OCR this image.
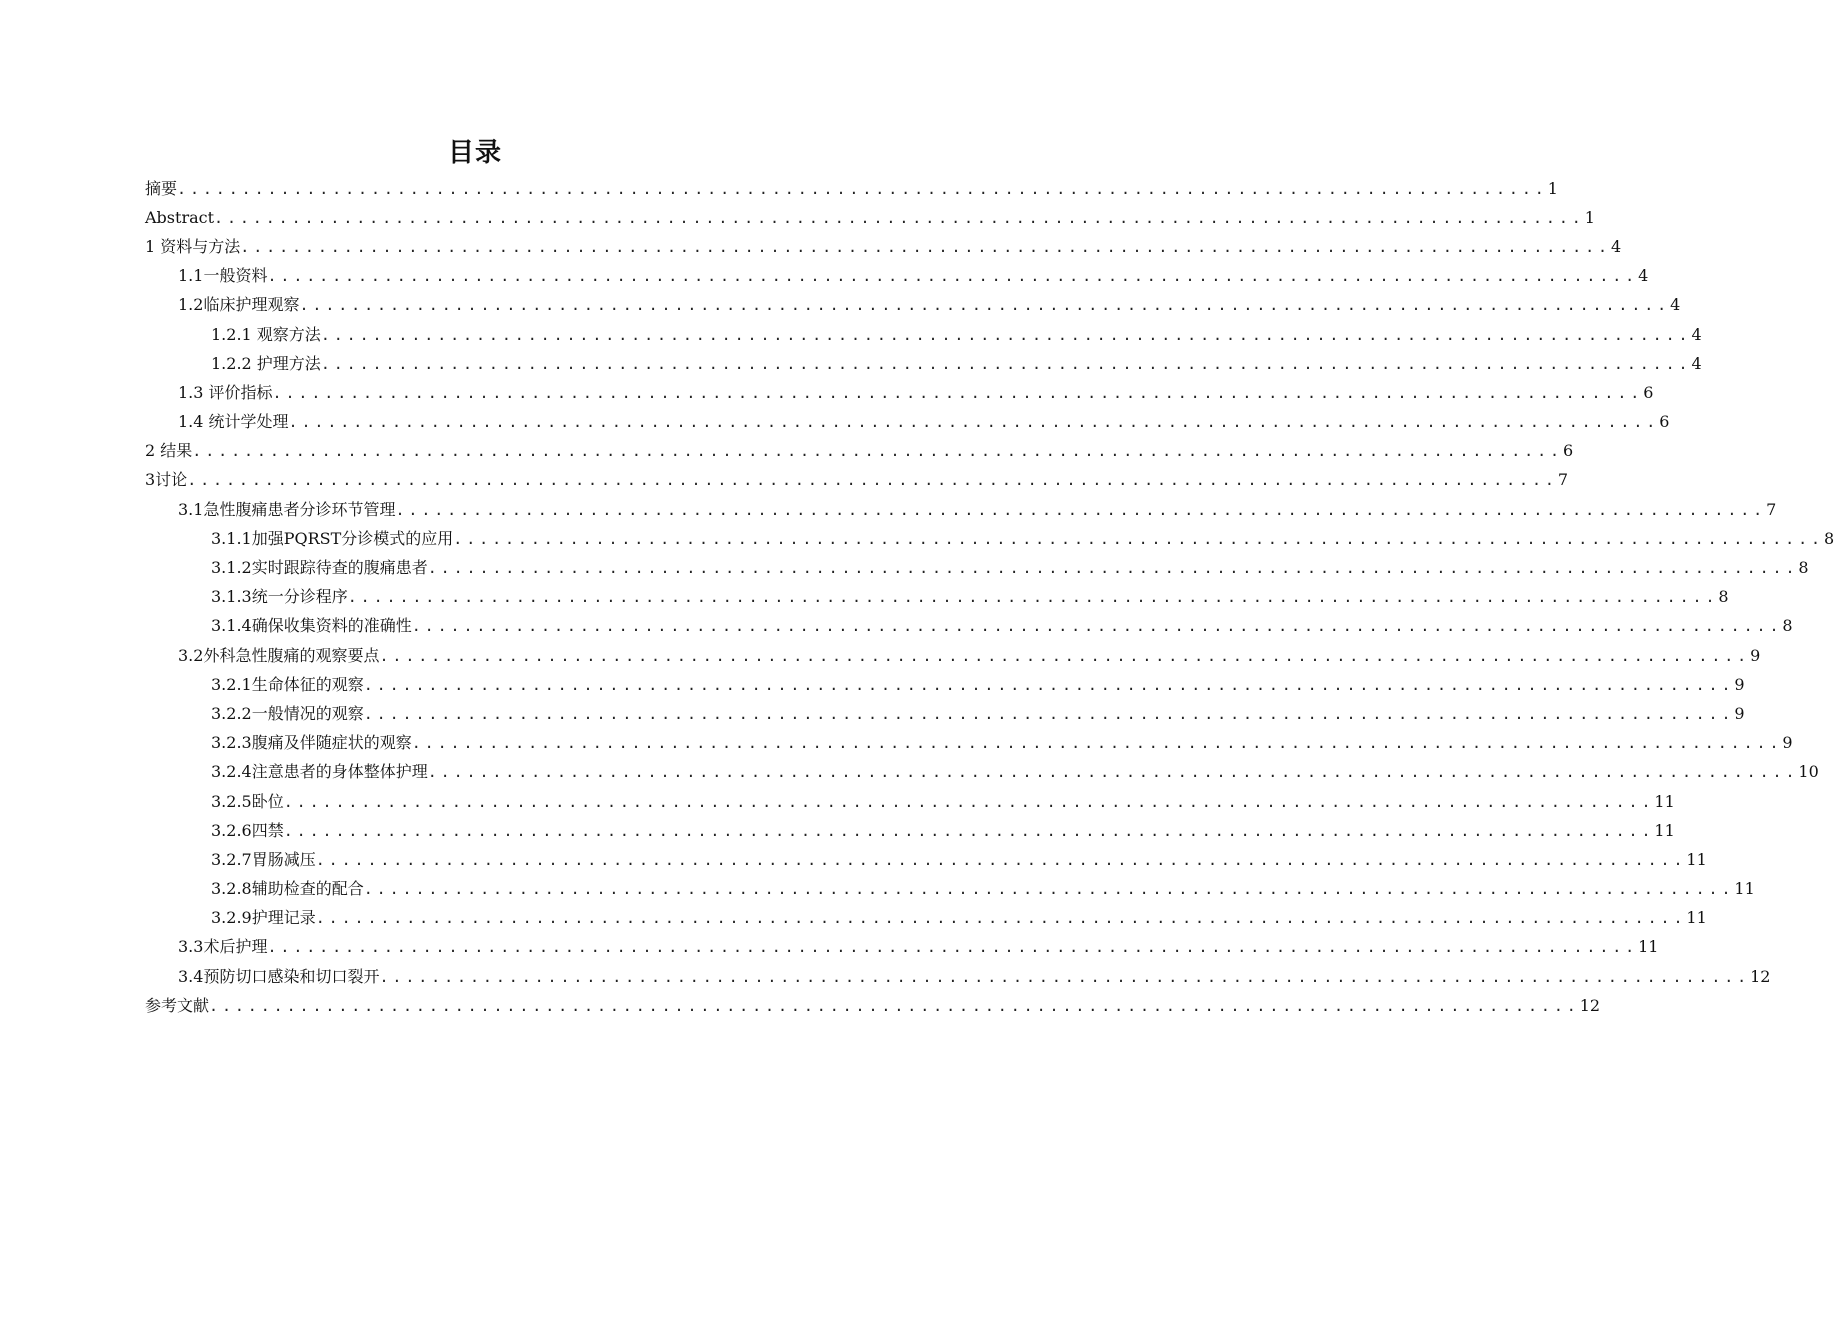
目录
摘要 .......................................................................................................... 1
Abstract .......................................................................................................... 1
1 资料与方法 .......................................................................................................... 4
1.1一般资料 .......................................................................................................... 4
1.2临床护理观察 .......................................................................................................... 4
1.2.1 观察方法 .......................................................................................................... 4
1.2.2 护理方法 .......................................................................................................... 4
1.3 评价指标 .......................................................................................................... 6
1.4 统计学处理 .......................................................................................................... 6
2 结果 .......................................................................................................... 6
3讨论 .......................................................................................................... 7
3.1急性腹痛患者分诊环节管理 .......................................................................................................... 7
3.1.1加强PQRST分诊模式的应用 .......................................................................................................... 8
3.1.2实时跟踪待查的腹痛患者 .......................................................................................................... 8
3.1.3统一分诊程序 .......................................................................................................... 8
3.1.4确保收集资料的准确性 .......................................................................................................... 8
3.2外科急性腹痛的观察要点 .......................................................................................................... 9
3.2.1生命体征的观察 .......................................................................................................... 9
3.2.2一般情况的观察 .......................................................................................................... 9
3.2.3腹痛及伴随症状的观察 .......................................................................................................... 9
3.2.4注意患者的身体整体护理 .......................................................................................................... 10
3.2.5卧位 .......................................................................................................... 11
3.2.6四禁 .......................................................................................................... 11
3.2.7胃肠减压 .......................................................................................................... 11
3.2.8辅助检查的配合 .......................................................................................................... 11
3.2.9护理记录 .......................................................................................................... 11
3.3术后护理 .......................................................................................................... 11
3.4预防切口感染和切口裂开 .......................................................................................................... 12
参考文献 .......................................................................................................... 12
